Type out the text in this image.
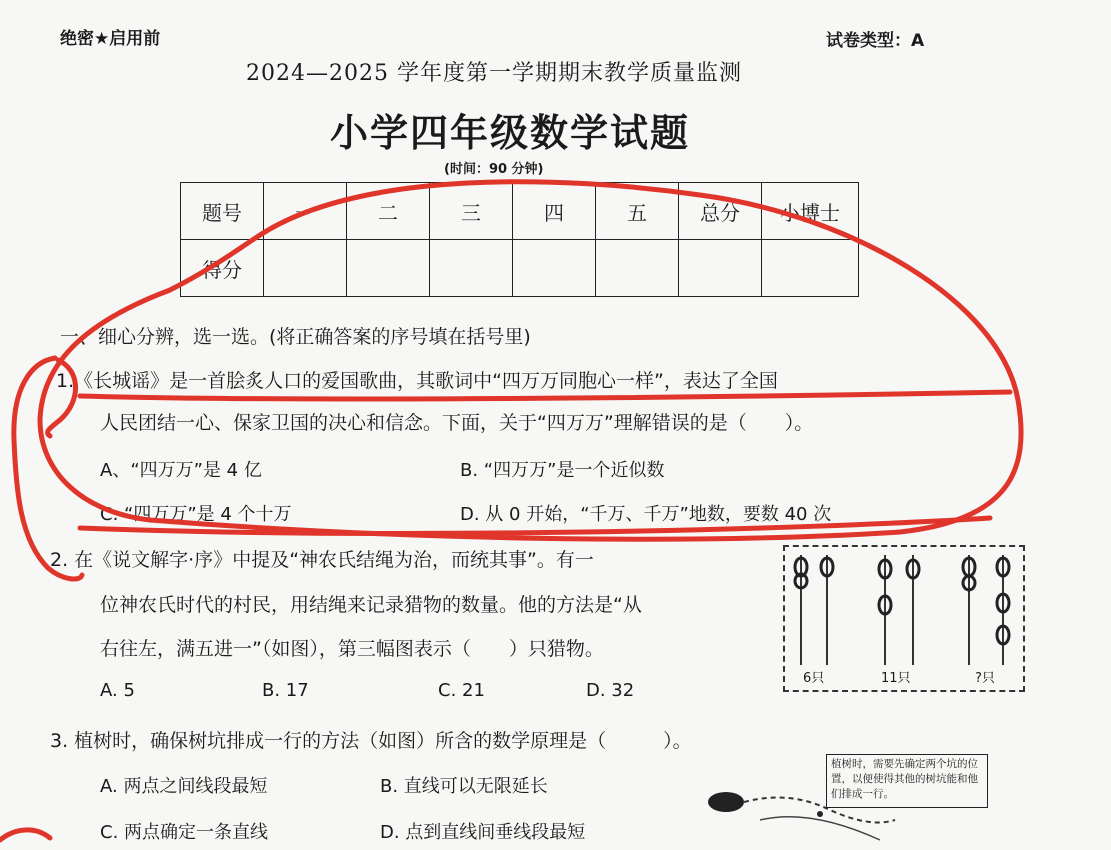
绝密★启用前	试卷类型：A
2024—2025 学年度第一学期期末教学质量监测
小学四年级数学试题
(时间：90 分钟)
题号	一	二	三	四	五	总分	小博士
得分							
一、细心分辨，选一选。(将正确答案的序号填在括号里)
1.《长城谣》是一首脍炙人口的爱国歌曲，其歌词中“四万万同胞心一样”，表达了全国
人民团结一心、保家卫国的决心和信念。下面，关于“四万万”理解错误的是（　　）。
A、“四万万”是 4 亿	B. “四万万”是一个近似数
C. “四万万”是 4 个十万	D. 从 0 开始，“千万、千万”地数，要数 40 次
2. 在《说文解字·序》中提及“神农氏结绳为治，而统其事”。有一
位神农氏时代的村民，用结绳来记录猎物的数量。他的方法是“从
右往左，满五进一”（如图），第三幅图表示（　　）只猎物。
A. 5	B. 17	C. 21	D. 32
6只	11只	?只
3. 植树时，确保树坑排成一行的方法（如图）所含的数学原理是（　　　）。
A. 两点之间线段最短	B. 直线可以无限延长
C. 两点确定一条直线	D. 点到直线间垂线段最短
植树时，需要先确定两个坑的位置，以便使得其他的树坑能和他们排成一行。
